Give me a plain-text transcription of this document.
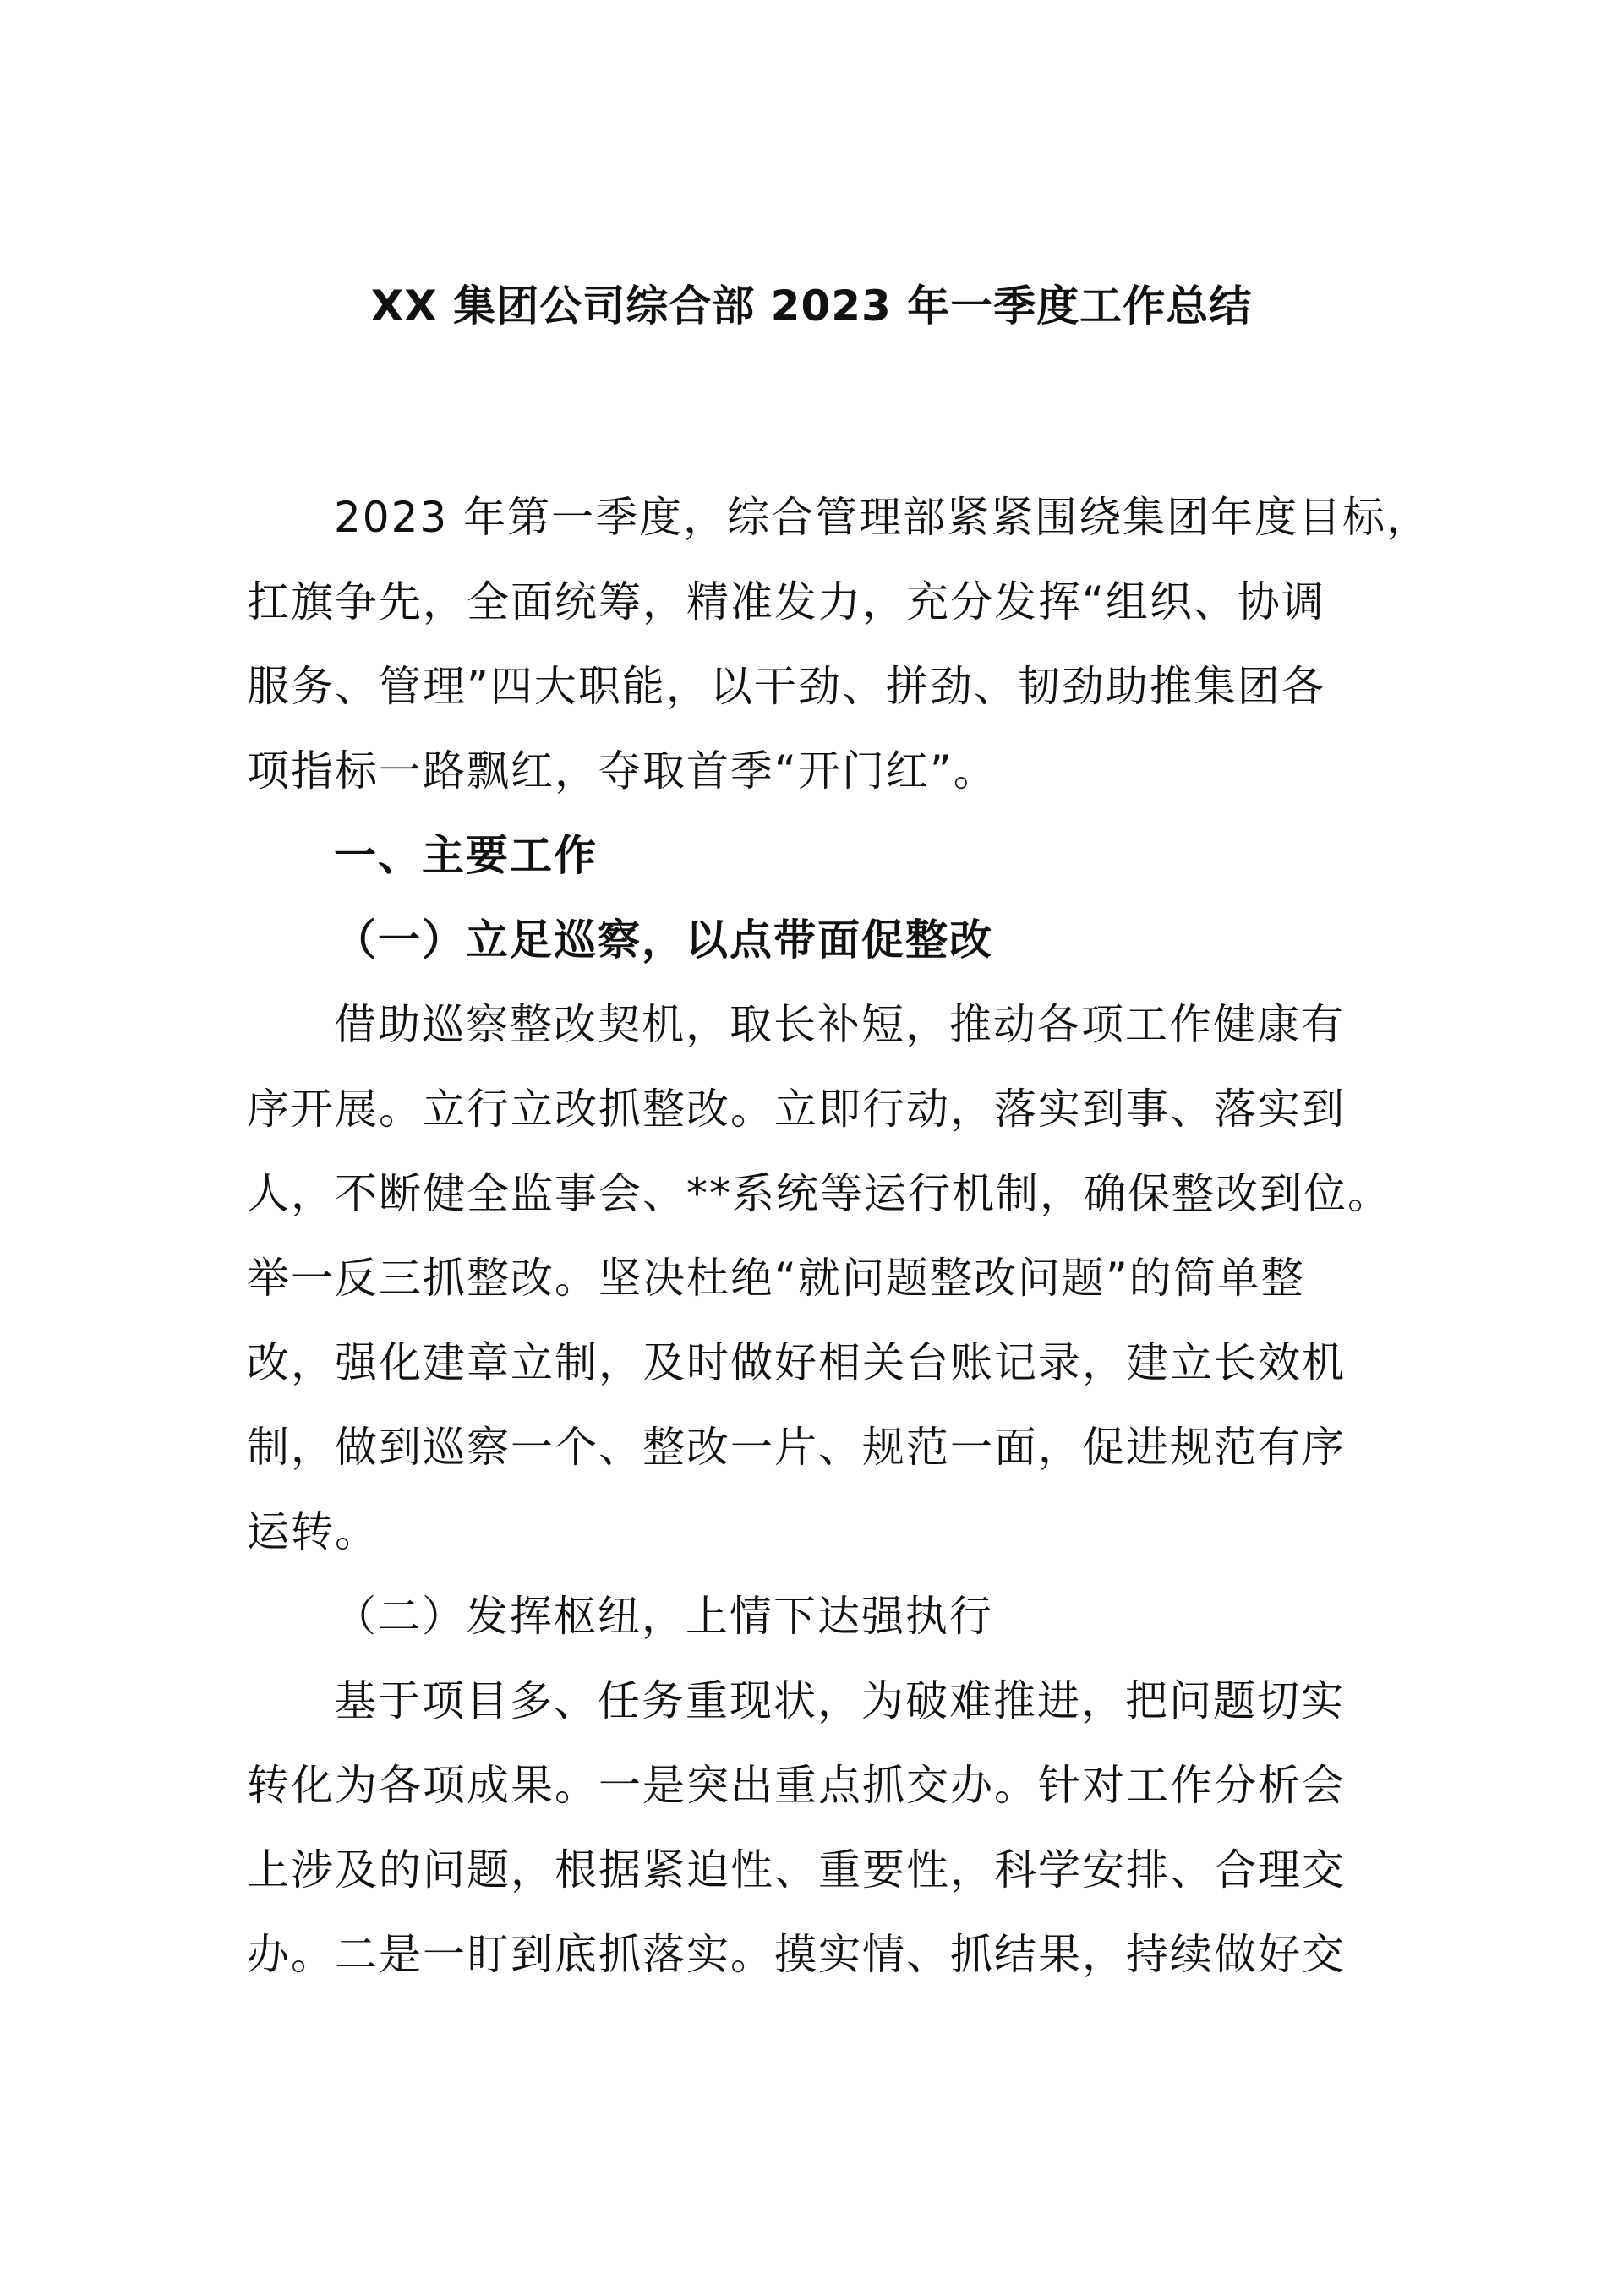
XX 集团公司综合部 2023 年一季度工作总结
2023 年第一季度，综合管理部紧紧围绕集团年度目标，
扛旗争先，全面统筹，精准发力，充分发挥“组织、协调
服务、管理”四大职能，以干劲、拼劲、韧劲助推集团各
项指标一路飘红，夺取首季“开门红”。
一、主要工作
（一）立足巡察，以点带面促整改
借助巡察整改契机，取长补短，推动各项工作健康有
序开展。立行立改抓整改。立即行动，落实到事、落实到
人，不断健全监事会、**系统等运行机制，确保整改到位。
举一反三抓整改。坚决杜绝“就问题整改问题”的简单整
改，强化建章立制，及时做好相关台账记录，建立长效机
制，做到巡察一个、整改一片、规范一面，促进规范有序
运转。
（二）发挥枢纽，上情下达强执行
基于项目多、任务重现状，为破难推进，把问题切实
转化为各项成果。一是突出重点抓交办。针对工作分析会
上涉及的问题，根据紧迫性、重要性，科学安排、合理交
办。二是一盯到底抓落实。摸实情、抓结果，持续做好交
